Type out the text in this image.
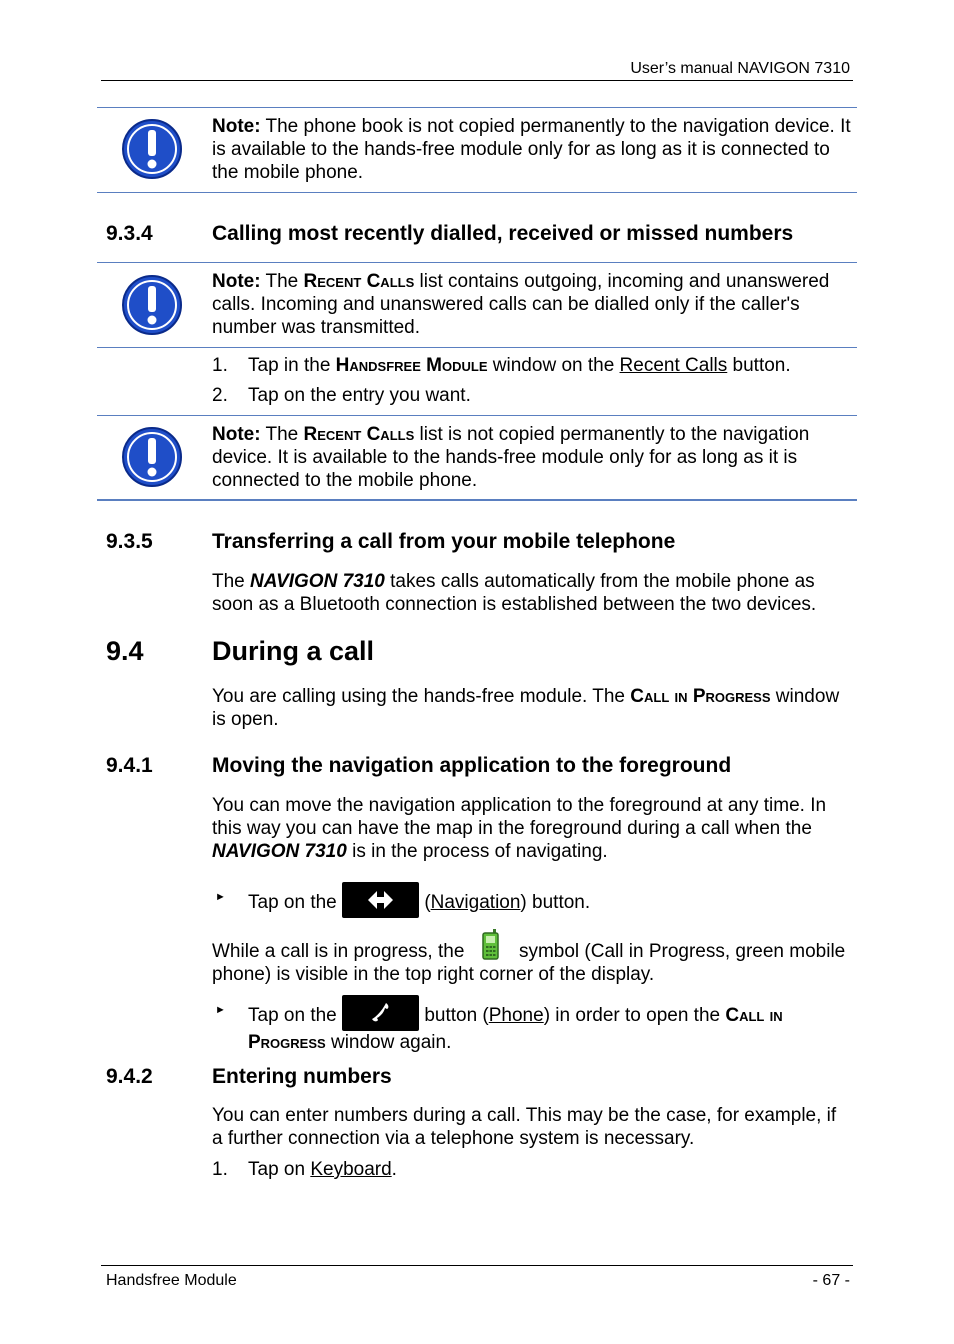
User’s manual NAVIGON 7310
Note: The phone book is not copied permanently to the navigation device. It is available to the hands-free module only for as long as it is connected to the mobile phone.
9.3.4	Calling most recently dialled, received or missed numbers
Note: The Recent Calls list contains outgoing, incoming and unanswered calls. Incoming and unanswered calls can be dialled only if the caller's number was transmitted.
1. Tap in the Handsfree Module window on the Recent Calls button.
2. Tap on the entry you want.
Note: The Recent Calls list is not copied permanently to the navigation device. It is available to the hands-free module only for as long as it is connected to the mobile phone.
9.3.5	Transferring a call from your mobile telephone
The NAVIGON 7310 takes calls automatically from the mobile phone as soon as a Bluetooth connection is established between the two devices.
9.4	During a call
You are calling using the hands-free module. The Call in Progress window is open.
9.4.1	Moving the navigation application to the foreground
You can move the navigation application to the foreground at any time. In this way you can have the map in the foreground during a call when the NAVIGON 7310 is in the process of navigating.
► Tap on the	(Navigation) button.
While a call is in progress, the	symbol (Call in Progress, green mobile phone) is visible in the top right corner of the display.
► Tap on the	button (Phone) in order to open the Call in Progress window again.
9.4.2	Entering numbers
You can enter numbers during a call. This may be the case, for example, if a further connection via a telephone system is necessary.
1. Tap on Keyboard.
Handsfree Module	- 67 -
